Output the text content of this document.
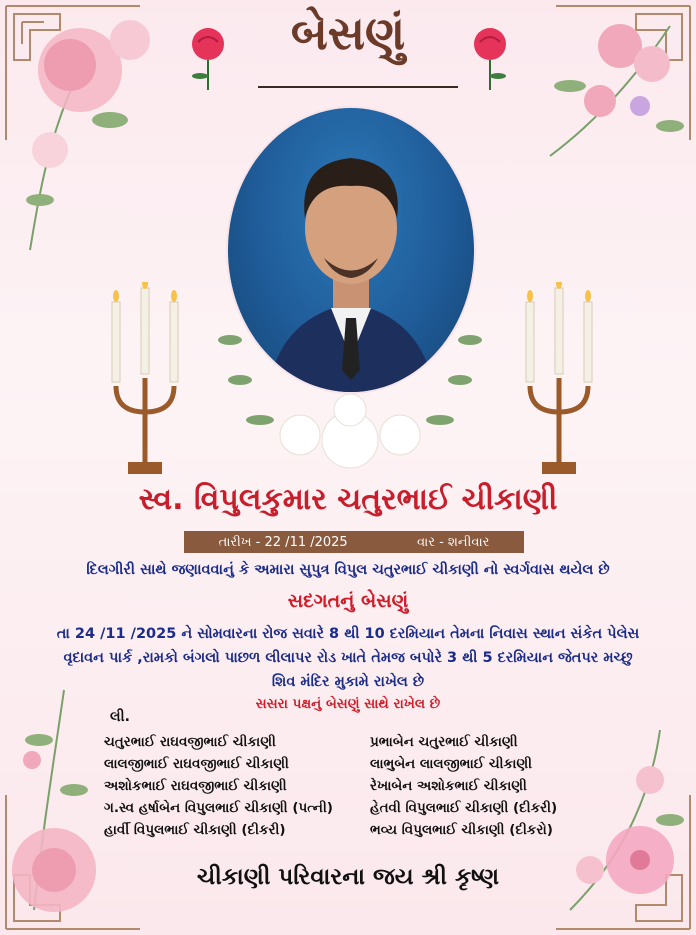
બેસણું
સ્વ. વિપુલકુમાર ચતુરભાઈ ચીકાણી
તારીખ - 22 /11 /2025	વાર - શનીવાર
દિલગીરી સાથે જણાવવાનું કે અમારા સુપુત્ર વિપુલ ચતુરભાઈ ચીકાણી નો સ્વર્ગવાસ થયેલ છે
સદગતનું બેસણું
તા 24 /11 /2025 ને સોમવારના રોજ સવારે 8 થી 10 દરમિયાન તેમના નિવાસ સ્થાન સંકેત પેલેસ
વૃદાવન પાર્ક ,રામકો બંગલો પાછળ લીલાપર રોડ ખાતે તેમજ બપોરે 3 થી 5 દરમિયાન જેતપર મચ્છુ
શિવ મંદિર મુકામે રાખેલ છે
સસરા પક્ષનું બેસણું સાથે રાખેલ છે
લી.
ચતુરભાઈ રાઘવજીભાઈ ચીકાણી	પ્રભાબેન ચતુરભાઈ ચીકાણી
લાલજીભાઈ રાઘવજીભાઈ ચીકાણી	લાભુબેન લાલજીભાઈ ચીકાણી
અશોકભાઈ રાઘવજીભાઈ ચીકાણી	રેખાબેન અશોકભાઈ ચીકાણી
ગ.સ્વ હર્ષાબેન વિપુલભાઈ ચીકાણી (પત્ની)	હેતવી વિપુલભાઈ ચીકાણી (દીકરી)
હાર્વી વિપુલભાઈ ચીકાણી (દીકરી)	ભવ્ય વિપુલભાઈ ચીકાણી (દીકરો)
ચીકાણી પરિવારના જય શ્રી કૃષ્ણ
